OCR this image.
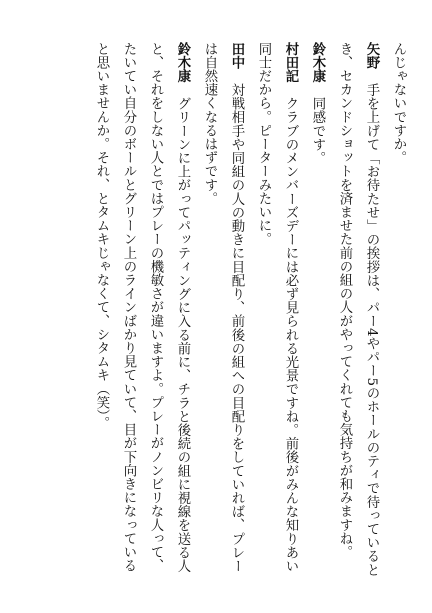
んじゃないですか。

矢野手を上げて「お待たせ」の挨拶は、パー4やパー5のホールのティで待っているとき、セカンドショットを済ませた前の組の人がやってくれても気持ちが和みますね。

鈴木康同感です。

村田記クラブのメンバーズデーには必ず見られる光景ですね。前後がみんな知りあい同士だから。ピーターみたいに。

田中対戦相手や同組の人の動きに目配り、前後の組への目配りをしていれば、プレーは自然速くなるはずです。

鈴木康グリーンに上がってパッティングに入る前に、チラと後続の組に視線を送る人と、それをしない人とではプレーの機敏さが違いますよ。プレーがノンビリな人って、たいてい自分のボールとグリーン上のラインばかり見ていて、目が下向きになっていると思いませんか。それ、とタムキじゃなくて、シタムキ（笑）。
